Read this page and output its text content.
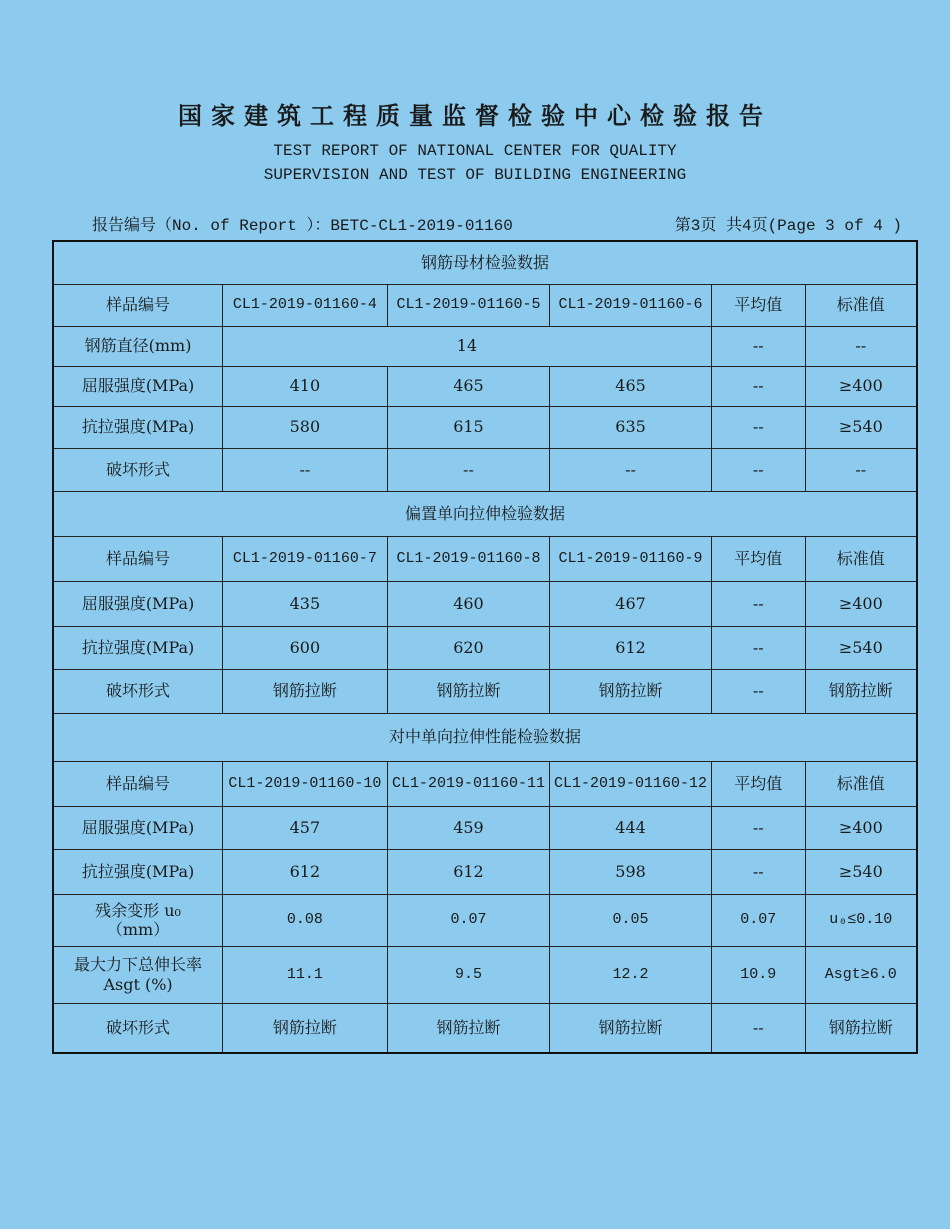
国家建筑工程质量监督检验中心检验报告
TEST REPORT OF NATIONAL CENTER FOR QUALITY
SUPERVISION AND TEST OF BUILDING ENGINEERING
报告编号（No. of Report ）：BETC-CL1-2019-01160	第3页 共4页(Page 3 of 4 )
钢筋母材检验数据					
样品编号	CL1-2019-01160-4	CL1-2019-01160-5	CL1-2019-01160-6	平均值	标准值
钢筋直径(mm)	14			--	--
屈服强度(MPa)	410	465	465	--	≥400
抗拉强度(MPa)	580	615	635	--	≥540
破坏形式	--	--	--	--	--
偏置单向拉伸检验数据					
样品编号	CL1-2019-01160-7	CL1-2019-01160-8	CL1-2019-01160-9	平均值	标准值
屈服强度(MPa)	435	460	467	--	≥400
抗拉强度(MPa)	600	620	612	--	≥540
破坏形式	钢筋拉断	钢筋拉断	钢筋拉断	--	钢筋拉断
对中单向拉伸性能检验数据					
样品编号	CL1-2019-01160-10	CL1-2019-01160-11	CL1-2019-01160-12	平均值	标准值
屈服强度(MPa)	457	459	444	--	≥400
抗拉强度(MPa)	612	612	598	--	≥540
残余变形 u₀
（mm）	0.08	0.07	0.05	0.07	u₀≤0.10
最大力下总伸长率
Asgt (%)	11.1	9.5	12.2	10.9	Asgt≥6.0
破坏形式	钢筋拉断	钢筋拉断	钢筋拉断	--	钢筋拉断
